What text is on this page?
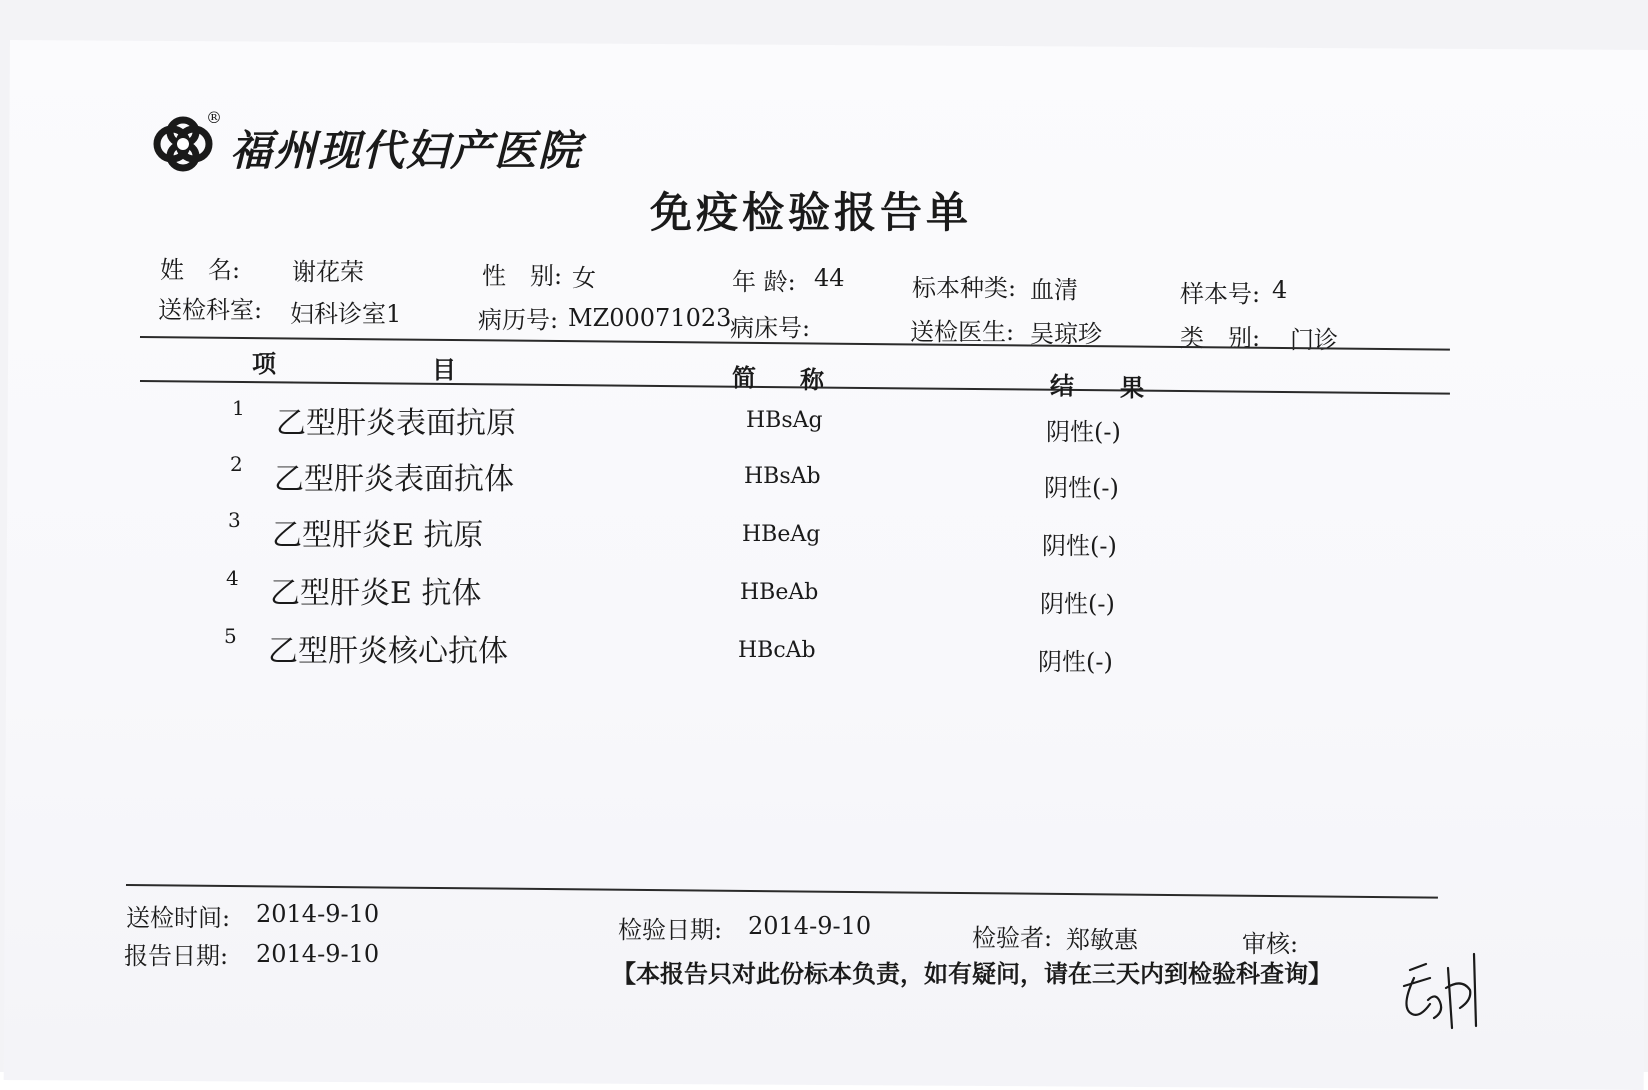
®
福州现代妇产医院
免疫检验报告单
姓　名: 谢花荣	性　别: 女	年 龄: 44	标本种类: 血清	样本号: 4
送检科室: 妇科诊室1	病历号: MZ00071023
病床号:	送检医生: 吴琼珍	类　别: 门诊
项	目	简 称	结 果
1 乙型肝炎表面抗原	HBsAg	阴性(-)
2 乙型肝炎表面抗体	HBsAb	阴性(-)
3 乙型肝炎E 抗原	HBeAg	阴性(-)
4 乙型肝炎E 抗体	HBeAb	阴性(-)
5 乙型肝炎核心抗体	HBcAb	阴性(-)
送检时间: 2014-9-10
报告日期: 2014-9-10
检验日期: 2014-9-10	检验者: 郑敏惠	审核:
【本报告只对此份标本负责，如有疑问，请在三天内到检验科查询】
